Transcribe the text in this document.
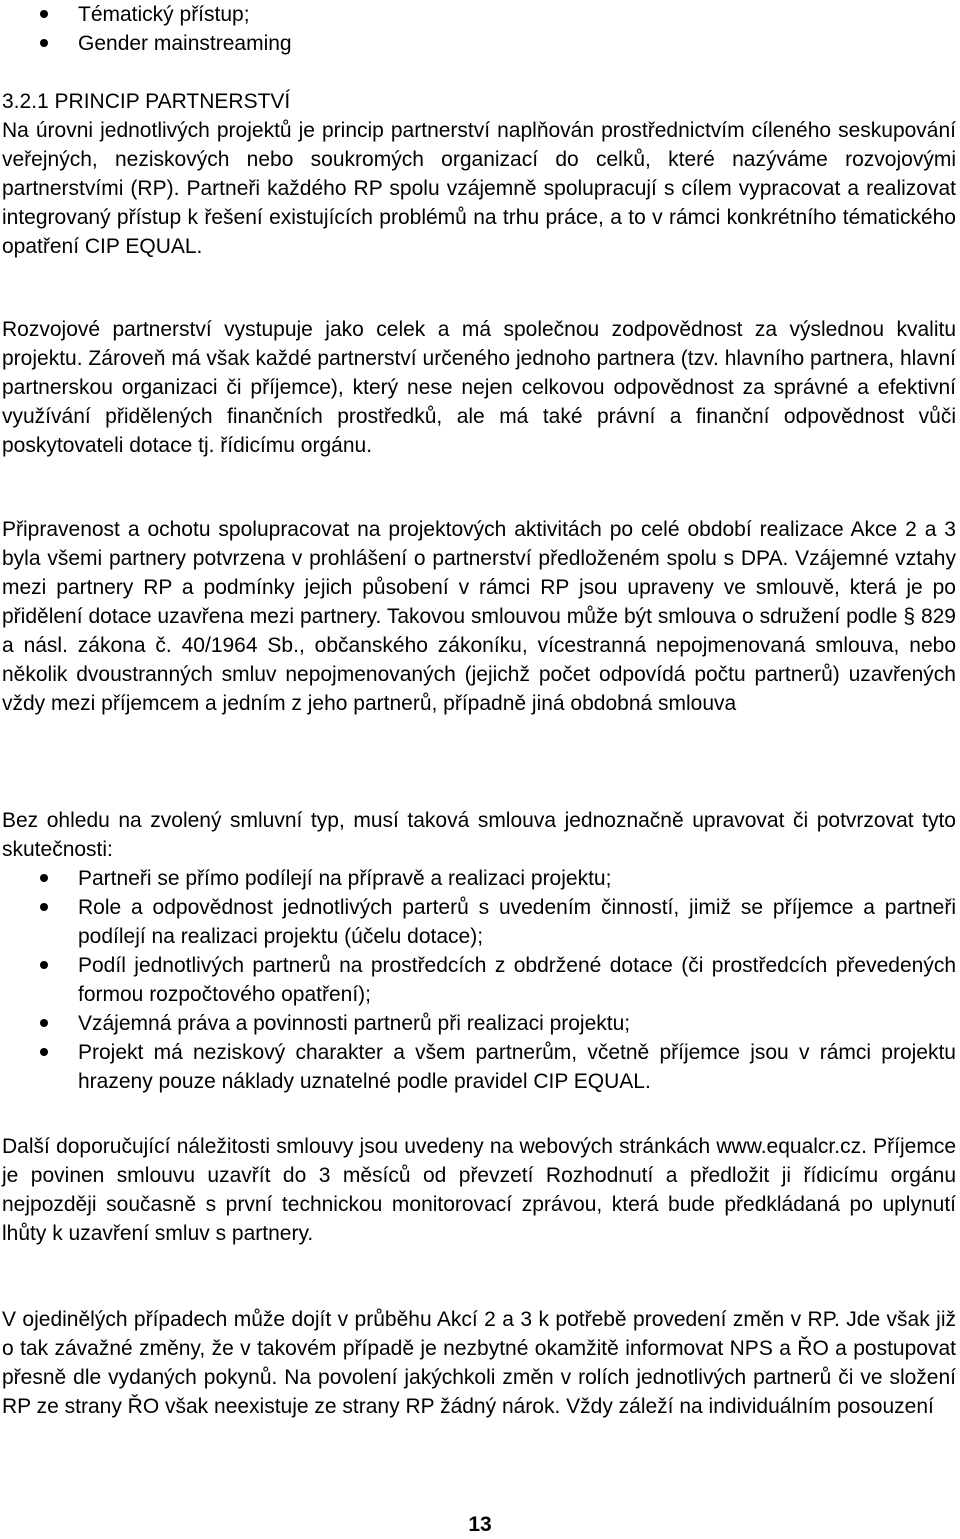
Tématický přístup;
Gender mainstreaming
3.2.1 PRINCIP PARTNERSTVÍ

Na úrovni jednotlivých projektů je princip partnerství naplňován prostřednictvím cíleného seskupování veřejných, neziskových nebo soukromých organizací do celků, které nazýváme rozvojovými partnerstvími (RP). Partneři každého RP spolu vzájemně spolupracují s cílem vypracovat a realizovat integrovaný přístup k řešení existujících problémů na trhu práce, a to v rámci konkrétního tématického opatření CIP EQUAL.

Rozvojové partnerství vystupuje jako celek a má společnou zodpovědnost za výslednou kvalitu projektu. Zároveň má však každé partnerství určeného jednoho partnera (tzv. hlavního partnera, hlavní partnerskou organizaci či příjemce), který nese nejen celkovou odpovědnost za správné a efektivní využívání přidělených finančních prostředků, ale má také právní a finanční odpovědnost vůči poskytovateli dotace tj. řídicímu orgánu.

Připravenost a ochotu spolupracovat na projektových aktivitách po celé období realizace Akce 2 a 3 byla všemi partnery potvrzena v prohlášení o partnerství předloženém spolu s DPA. Vzájemné vztahy mezi partnery RP a podmínky jejich působení v rámci RP jsou upraveny ve smlouvě, která je po přidělení dotace uzavřena mezi partnery. Takovou smlouvou může být smlouva o sdružení podle § 829 a násl. zákona č. 40/1964 Sb., občanského zákoníku, vícestranná nepojmenovaná smlouva, nebo několik dvoustranných smluv nepojmenovaných (jejichž počet odpovídá počtu partnerů) uzavřených vždy mezi příjemcem a jedním z jeho partnerů, případně jiná obdobná smlouva

Bez ohledu na zvolený smluvní typ, musí taková smlouva jednoznačně upravovat či potvrzovat tyto skutečnosti:

Partneři se přímo podílejí na přípravě a realizaci projektu;
Role a odpovědnost jednotlivých parterů s uvedením činností, jimiž se příjemce a partneři podílejí na realizaci projektu (účelu dotace);
Podíl jednotlivých partnerů na prostředcích z obdržené dotace (či prostředcích převedených formou rozpočtového opatření);
Vzájemná práva a povinnosti partnerů při realizaci projektu;
Projekt má neziskový charakter a všem partnerům, včetně příjemce jsou v rámci projektu hrazeny pouze náklady uznatelné podle pravidel CIP EQUAL.

Další doporučující náležitosti smlouvy jsou uvedeny na webových stránkách www.equalcr.cz. Příjemce je povinen smlouvu uzavřít do 3 měsíců od převzetí Rozhodnutí a předložit ji řídicímu orgánu nejpozději současně s první technickou monitorovací zprávou, která bude předkládaná po uplynutí lhůty k uzavření smluv s partnery.

V ojedinělých případech může dojít v průběhu Akcí 2 a 3 k potřebě provedení změn v RP. Jde však již o tak závažné změny, že v takovém případě je nezbytné okamžitě informovat NPS a ŘO a postupovat přesně dle vydaných pokynů. Na povolení jakýchkoli změn v rolích jednotlivých partnerů či ve složení RP ze strany ŘO však neexistuje ze strany RP žádný nárok. Vždy záleží na individuálním posouzení

13
